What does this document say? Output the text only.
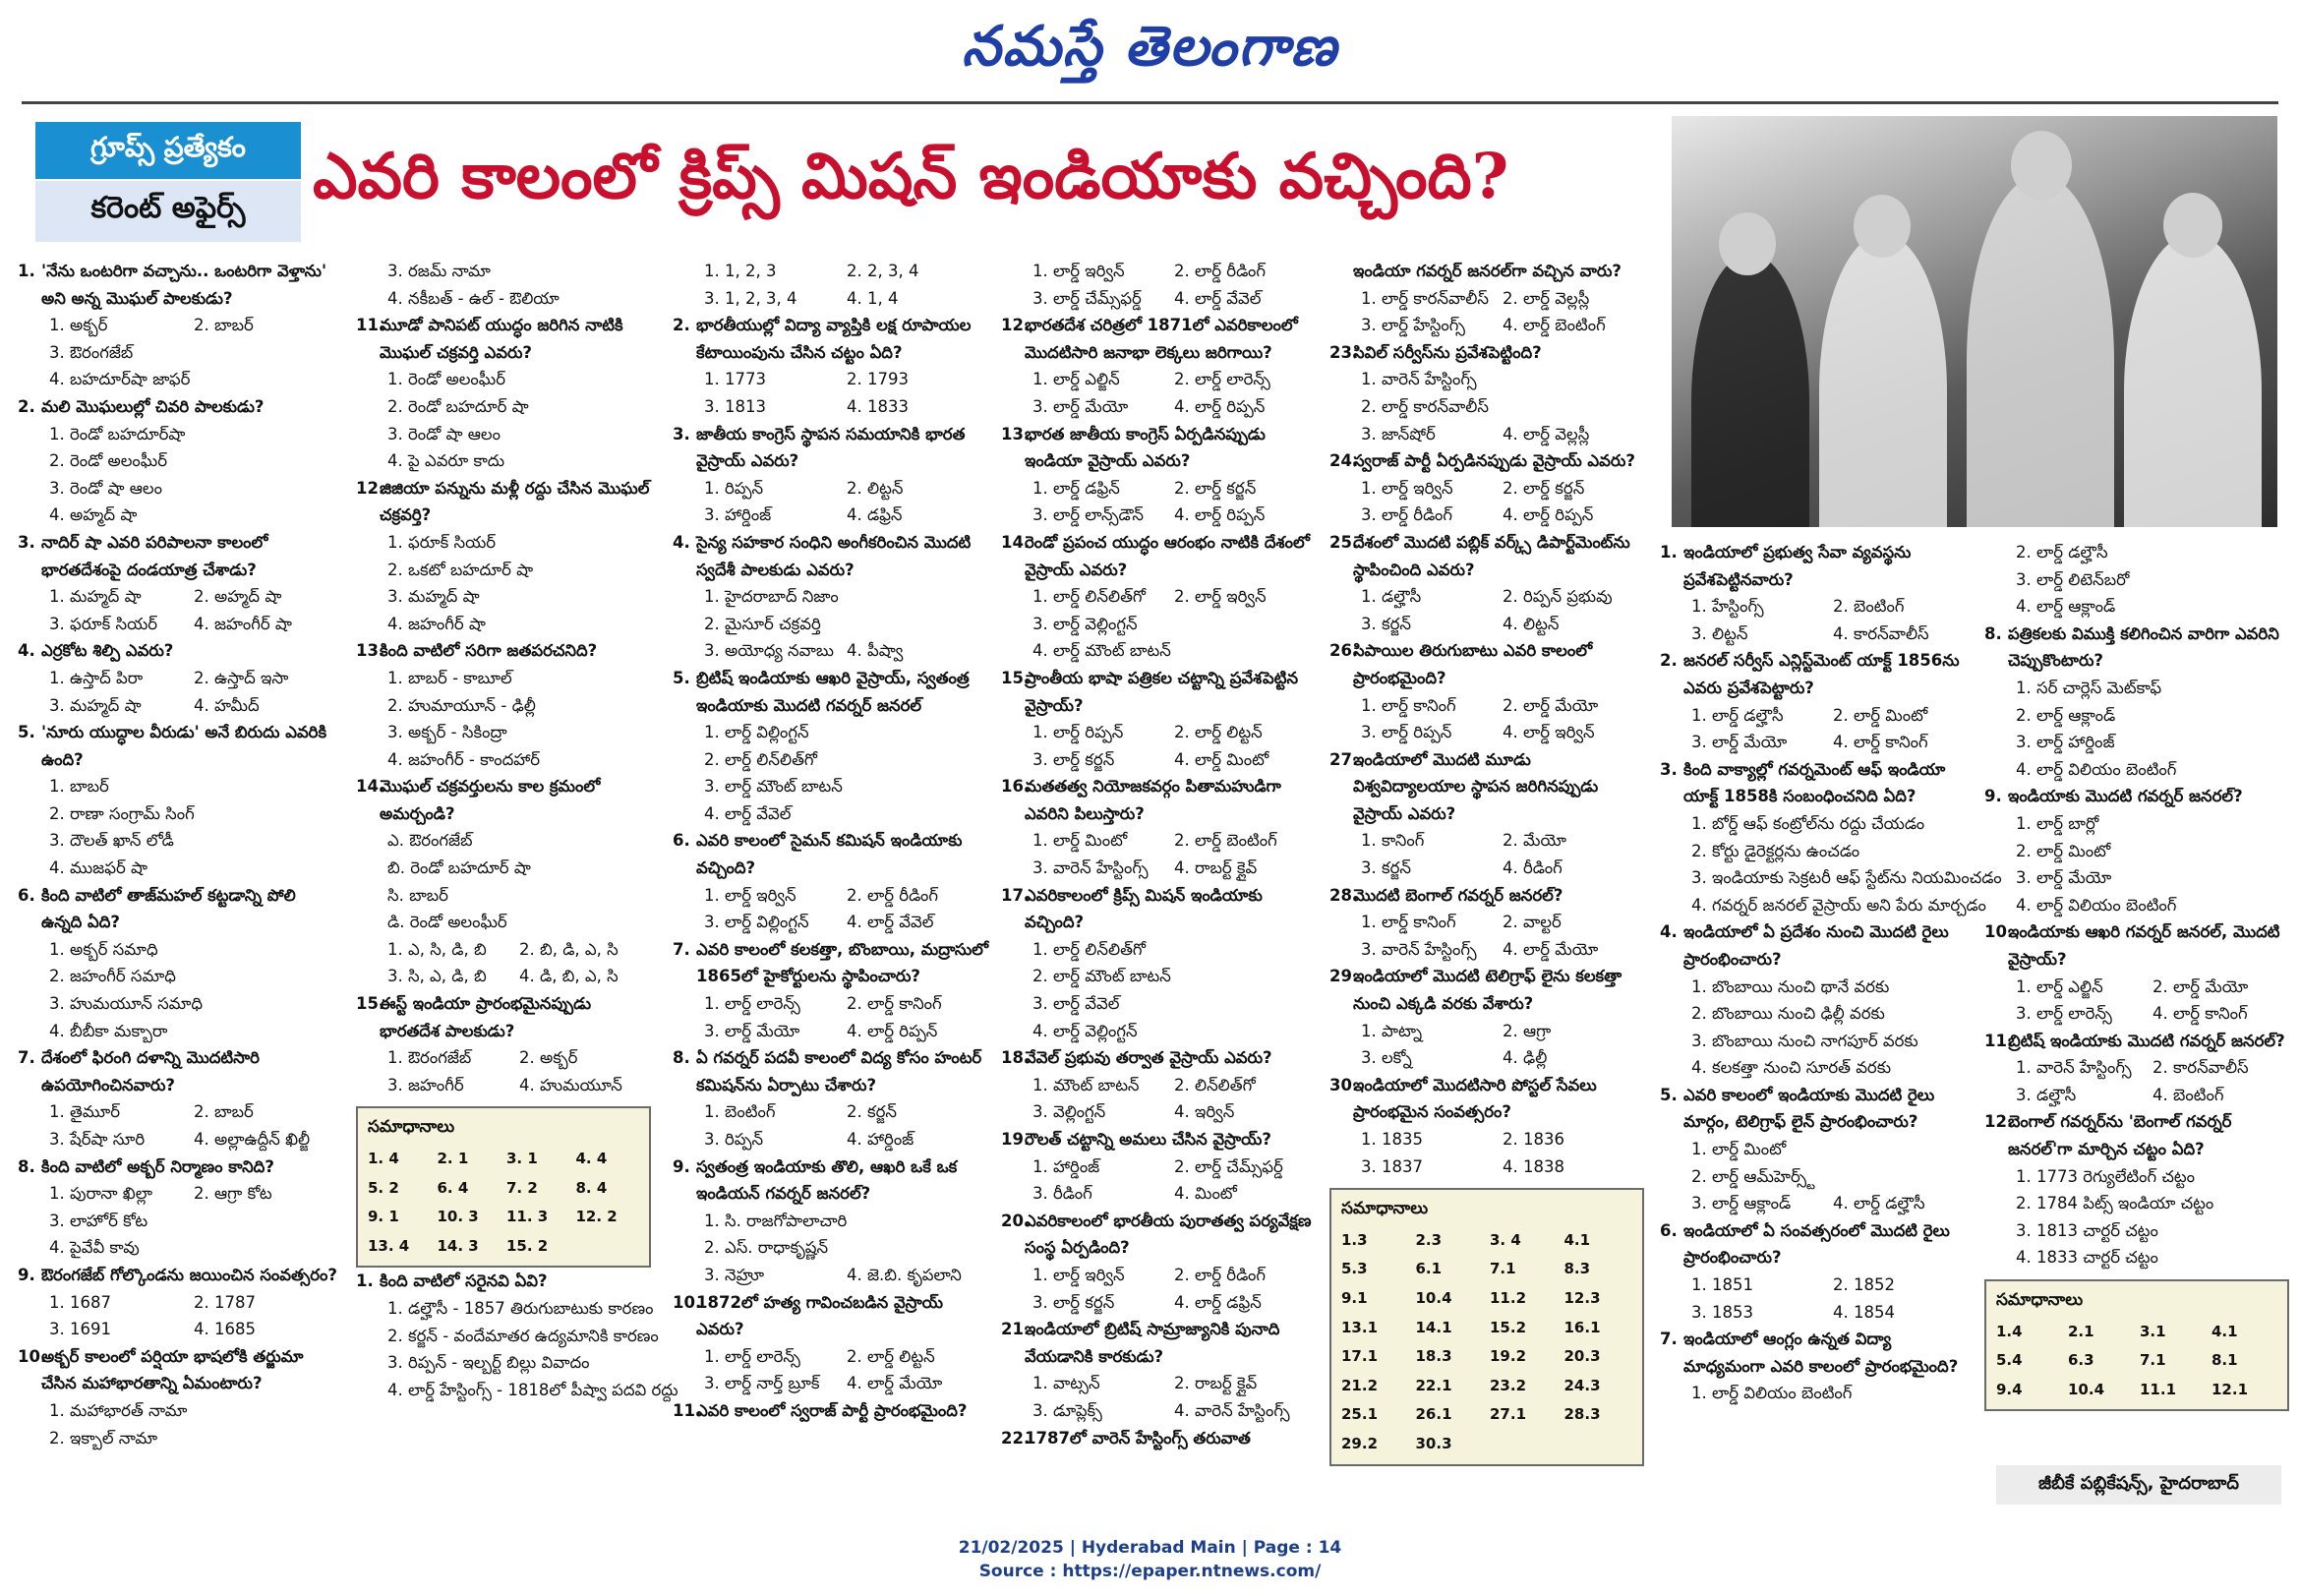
నమస్తే తెలంగాణ
గ్రూప్స్ ప్రత్యేకం
కరెంట్ అఫైర్స్	ఎవరి కాలంలో క్రిప్స్ మిషన్ ఇండియాకు వచ్చింది?
1. 'నేను ఒంటరిగా వచ్చాను.. ఒంటరిగా వెళ్తాను' అని అన్న మొఘల్ పాలకుడు?
1. అక్బర్	2. బాబర్
3. ఔరంగజేబ్
4. బహదూర్‌షా జాఫర్
2. మలి మొఘలుల్లో చివరి పాలకుడు?
1. రెండో బహదూర్‌షా
2. రెండో అలంఘీర్
3. రెండో షా ఆలం
4. అహ్మద్ షా
3. నాదిర్ షా ఎవరి పరిపాలనా కాలంలో భారతదేశంపై దండయాత్ర చేశాడు?
1. మహ్మద్ షా	2. అహ్మద్ షా
3. ఫరూక్ సియర్	4. జహంగీర్ షా
4. ఎర్రకోట శిల్పి ఎవరు?
1. ఉస్తాద్ పిరా	2. ఉస్తాద్ ఇసా
3. మహ్మద్ షా	4. హమీద్
5. 'నూరు యుద్ధాల వీరుడు' అనే బిరుదు ఎవరికి ఉంది?
1. బాబర్
2. రాణా సంగ్రామ్ సింగ్
3. దౌలత్ ఖాన్ లోడీ
4. ముజఫర్ షా
6. కింది వాటిలో తాజ్‌మహల్ కట్టడాన్ని పోలి ఉన్నది ఏది?
1. అక్బర్ సమాధి
2. జహంగీర్ సమాధి
3. హుమయూన్ సమాధి
4. బీబీకా మక్బారా
7. దేశంలో ఫిరంగి దళాన్ని మొదటిసారి ఉపయోగించినవారు?
1. తైమూర్	2. బాబర్
3. షేర్‌షా సూరి	4. అల్లాఉద్దీన్ ఖిల్జీ
8. కింది వాటిలో అక్బర్ నిర్మాణం కానిది?
1. పురానా ఖిల్లా	2. ఆగ్రా కోట
3. లాహోర్ కోట
4. పైవేవీ కావు
9. ఔరంగజేబ్ గోల్కొండను జయించిన సంవత్సరం?
1. 1687	2. 1787
3. 1691	4. 1685
10.
అక్బర్ కాలంలో పర్షియా భాషలోకి తర్జుమా చేసిన మహాభారతాన్ని ఏమంటారు?
1. మహాభారత్ నామా
2. ఇక్బాల్ నామా
3. రజమ్ నామా
4. నకీబత్ - ఉల్ - ఔలియా
11.
మూడో పానిపట్ యుద్ధం జరిగిన నాటికి మొఘల్ చక్రవర్తి ఎవరు?
1. రెండో అలంఘీర్
2. రెండో బహదూర్ షా
3. రెండో షా ఆలం
4. పై ఎవరూ కాదు
12.
జిజియా పన్నును మళ్లీ రద్దు చేసిన మొఘల్ చక్రవర్తి?
1. ఫరూక్ సియర్
2. ఒకటో బహదూర్ షా
3. మహ్మద్ షా
4. జహంగీర్ షా
13.
కింది వాటిలో సరిగా జతపరచనిది?
1. బాబర్ - కాబూల్
2. హుమాయూన్ - ఢిల్లీ
3. అక్బర్ - సికింద్రా
4. జహంగీర్ - కాందహార్
14.
మొఘల్ చక్రవర్తులను కాల క్రమంలో అమర్చండి?
ఎ. ఔరంగజేబ్
బి. రెండో బహదూర్ షా
సి. బాబర్
డి. రెండో అలంఘీర్
1. ఎ, సి, డి, బి	2. బి, డి, ఎ, సి
3. సి, ఎ, డి, బి	4. డి, బి, ఎ, సి
15.
ఈస్ట్ ఇండియా ప్రారంభమైనప్పుడు భారతదేశ పాలకుడు?
1. ఔరంగజేబ్	2. అక్బర్
3. జహంగీర్	4. హుమయూన్
సమాధానాలు
1. 4	2. 1	3. 1	4. 4
5. 2	6. 4	7. 2	8. 4
9. 1	10. 3	11. 3	12. 2
13. 4	14. 3	15. 2
1. కింది వాటిలో సరైనవి ఏవి?
1. డల్హౌసీ - 1857 తిరుగుబాటుకు కారణం
2. కర్జన్ - వందేమాతర ఉద్యమానికి కారణం
3. రిప్పన్ - ఇల్బర్ట్ బిల్లు వివాదం
4. లార్డ్ హేస్టింగ్స్ - 1818లో పీష్వా పదవి రద్దు
1. 1, 2, 3	2. 2, 3, 4
3. 1, 2, 3, 4	4. 1, 4
2. భారతీయుల్లో విద్యా వ్యాప్తికి లక్ష రూపాయల కేటాయింపును చేసిన చట్టం ఏది?
1. 1773	2. 1793
3. 1813	4. 1833
3. జాతీయ కాంగ్రెస్ స్థాపన సమయానికి భారత వైస్రాయ్ ఎవరు?
1. రిప్పన్	2. లిట్టన్
3. హార్డింజ్	4. డఫ్రిన్
4. సైన్య సహకార సంధిని అంగీకరించిన మొదటి స్వదేశీ పాలకుడు ఎవరు?
1. హైదరాబాద్ నిజాం
2. మైసూర్ చక్రవర్తి
3. అయోధ్య నవాబు 4. పీష్వా
5. బ్రిటిష్ ఇండియాకు ఆఖరి వైస్రాయ్, స్వతంత్ర ఇండియాకు మొదటి గవర్నర్ జనరల్
1. లార్డ్ విల్లింగ్టన్
2. లార్డ్ లిన్‌లిత్‌గో
3. లార్డ్ మౌంట్ బాటన్
4. లార్డ్ వేవెల్
6. ఎవరి కాలంలో సైమన్ కమిషన్ ఇండియాకు వచ్చింది?
1. లార్డ్ ఇర్విన్	2. లార్డ్ రీడింగ్
3. లార్డ్ విల్లింగ్టన్	4. లార్డ్ వేవెల్
7. ఎవరి కాలంలో కలకత్తా, బొంబాయి, మద్రాసులో 1865లో హైకోర్టులను స్థాపించారు?
1. లార్డ్ లారెన్స్	2. లార్డ్ కానింగ్
3. లార్డ్ మేయో	4. లార్డ్ రిప్పన్
8. ఏ గవర్నర్ పదవీ కాలంలో విద్య కోసం హంటర్ కమిషన్‌ను ఏర్పాటు చేశారు?
1. బెంటింగ్	2. కర్జన్
3. రిప్పన్	4. హార్డింజ్
9. స్వతంత్ర ఇండియాకు తొలి, ఆఖరి ఒకే ఒక ఇండియన్ గవర్నర్ జనరల్?
1. సి. రాజగోపాలాచారి
2. ఎస్. రాధాకృష్ణన్
3. నెహ్రూ	4. జె.బి. కృపలాని
10.
1872లో హత్య గావించబడిన వైస్రాయ్ ఎవరు?
1. లార్డ్ లారెన్స్	2. లార్డ్ లిట్టన్
3. లార్డ్ నార్త్ బ్రూక్	4. లార్డ్ మేయో
11.
ఎవరి కాలంలో స్వరాజ్ పార్టీ ప్రారంభమైంది?
1. లార్డ్ ఇర్విన్	2. లార్డ్ రీడింగ్
3. లార్డ్ చేమ్స్‌ఫర్డ్	4. లార్డ్ వేవెల్
12.
భారతదేశ చరిత్రలో 1871లో ఎవరికాలంలో మొదటిసారి జనాభా లెక్కలు జరిగాయి?
1. లార్డ్ ఎల్జిన్	2. లార్డ్ లారెన్స్
3. లార్డ్ మేయో	4. లార్డ్ రిప్పన్
13.
భారత జాతీయ కాంగ్రెస్ ఏర్పడినప్పుడు ఇండియా వైస్రాయ్ ఎవరు?
1. లార్డ్ డఫ్రిన్	2. లార్డ్ కర్జన్
3. లార్డ్ లాన్స్‌డౌన్	4. లార్డ్ రిప్పన్
14.
రెండో ప్రపంచ యుద్ధం ఆరంభం నాటికి దేశంలో వైస్రాయ్ ఎవరు?
1. లార్డ్ లిన్‌లిత్‌గో	2. లార్డ్ ఇర్విన్
3. లార్డ్ వెల్లింగ్టన్
4. లార్డ్ మౌంట్ బాటన్
15.
ప్రాంతీయ భాషా పత్రికల చట్టాన్ని ప్రవేశపెట్టిన వైస్రాయ్?
1. లార్డ్ రిప్పన్	2. లార్డ్ లిట్టన్
3. లార్డ్ కర్జన్	4. లార్డ్ మింటో
16.
మతతత్వ నియోజకవర్గం పితామహుడిగా ఎవరిని పిలుస్తారు?
1. లార్డ్ మింటో	2. లార్డ్ బెంటింగ్
3. వారెన్ హేస్టింగ్స్	4. రాబర్ట్ క్లైవ్
17.
ఎవరికాలంలో క్రిప్స్ మిషన్ ఇండియాకు వచ్చింది?
1. లార్డ్ లిన్‌లిత్‌గో
2. లార్డ్ మౌంట్ బాటన్
3. లార్డ్ వేవెల్
4. లార్డ్ వెల్లింగ్టన్
18.
వేవెల్ ప్రభువు తర్వాత వైస్రాయ్ ఎవరు?
1. మౌంట్ బాటన్	2. లిన్‌లిత్‌గో
3. వెల్లింగ్టన్	4. ఇర్విన్
19.
రౌలత్ చట్టాన్ని అమలు చేసిన వైస్రాయ్?
1. హార్డింజ్	2. లార్డ్ చేమ్స్‌ఫర్డ్
3. రీడింగ్	4. మింటో
20.
ఎవరికాలంలో భారతీయ పురాతత్వ పర్యవేక్షణ సంస్థ ఏర్పడింది?
1. లార్డ్ ఇర్విన్	2. లార్డ్ రీడింగ్
3. లార్డ్ కర్జన్	4. లార్డ్ డఫ్రిన్
21.
ఇండియాలో బ్రిటిష్ సామ్రాజ్యానికి పునాది వేయడానికి కారకుడు?
1. వాట్సన్	2. రాబర్ట్ క్లైవ్
3. డూప్లెక్స్	4. వారెన్ హేస్టింగ్స్
22.
1787లో వారెన్ హేస్టింగ్స్ తరువాత
ఇండియా గవర్నర్ జనరల్‌గా వచ్చిన వారు?
1. లార్డ్ కారన్‌వాలీస్ 2. లార్డ్ వెల్లస్లీ
3. లార్డ్ హేస్టింగ్స్	4. లార్డ్ బెంటింగ్
23.
సివిల్ సర్వీస్‌ను ప్రవేశపెట్టింది?
1. వారెన్ హేస్టింగ్స్
2. లార్డ్ కారన్‌వాలీస్
3. జాన్‌షోర్	4. లార్డ్ వెల్లస్లీ
24.
స్వరాజ్ పార్టీ ఏర్పడినప్పుడు వైస్రాయ్ ఎవరు?
1. లార్డ్ ఇర్విన్	2. లార్డ్ కర్జన్
3. లార్డ్ రీడింగ్	4. లార్డ్ రిప్పన్
25.
దేశంలో మొదటి పబ్లిక్ వర్క్స్ డిపార్ట్‌మెంట్‌ను స్థాపించింది ఎవరు?
1. డల్హౌసీ	2. రిప్పన్ ప్రభువు
3. కర్జన్	4. లిట్టన్
26.
సిపాయిల తిరుగుబాటు ఎవరి కాలంలో ప్రారంభమైంది?
1. లార్డ్ కానింగ్	2. లార్డ్ మేయో
3. లార్డ్ రిప్పన్	4. లార్డ్ ఇర్విన్
27.
ఇండియాలో మొదటి మూడు విశ్వవిద్యాలయాల స్థాపన జరిగినప్పుడు వైస్రాయ్ ఎవరు?
1. కానింగ్	2. మేయో
3. కర్జన్	4. రీడింగ్
28.
మొదటి బెంగాల్ గవర్నర్ జనరల్?
1. లార్డ్ కానింగ్	2. వాల్టర్
3. వారెన్ హేస్టింగ్స్	4. లార్డ్ మేయో
29.
ఇండియాలో మొదటి టెలిగ్రాఫ్ లైను కలకత్తా నుంచి ఎక్కడి వరకు వేశారు?
1. పాట్నా	2. ఆగ్రా
3. లక్నో	4. ఢిల్లీ
30.
ఇండియాలో మొదటిసారి పోస్టల్ సేవలు ప్రారంభమైన సంవత్సరం?
1. 1835	2. 1836
3. 1837	4. 1838
సమాధానాలు
1.3	2.3	3. 4	4.1
5.3	6.1	7.1	8.3
9.1	10.4	11.2	12.3
13.1	14.1	15.2	16.1
17.1	18.3	19.2	20.3
21.2	22.1	23.2	24.3
25.1	26.1	27.1	28.3
29.2	30.3
1. ఇండియాలో ప్రభుత్వ సేవా వ్యవస్థను ప్రవేశపెట్టినవారు?
1. హేస్టింగ్స్	2. బెంటింగ్
3. లిట్టన్	4. కారన్‌వాలీస్
2. జనరల్ సర్వీస్ ఎన్లిస్ట్‌మెంట్ యాక్ట్ 1856ను ఎవరు ప్రవేశపెట్టారు?
1. లార్డ్ డల్హౌసీ	2. లార్డ్ మింటో
3. లార్డ్ మేయో	4. లార్డ్ కానింగ్
3. కింది వాక్యాల్లో గవర్నమెంట్ ఆఫ్ ఇండియా యాక్ట్ 1858కి సంబంధించనిది ఏది?
1. బోర్డ్ ఆఫ్ కంట్రోల్‌ను రద్దు చేయడం
2. కోర్టు డైరెక్టర్లను ఉంచడం
3. ఇండియాకు సెక్రటరీ ఆఫ్ స్టేట్‌ను నియమించడం
4. గవర్నర్ జనరల్ వైస్రాయ్ అని పేరు మార్చడం
4. ఇండియాలో ఏ ప్రదేశం నుంచి మొదటి రైలు ప్రారంభించారు?
1. బొంబాయి నుంచి థానే వరకు
2. బొంబాయి నుంచి ఢిల్లీ వరకు
3. బొంబాయి నుంచి నాగపూర్ వరకు
4. కలకత్తా నుంచి సూరత్ వరకు
5. ఎవరి కాలంలో ఇండియాకు మొదటి రైలు మార్గం, టెలిగ్రాఫ్ లైన్ ప్రారంభించారు?
1. లార్డ్ మింటో
2. లార్డ్ ఆమ్‌హెర్స్ట్
3. లార్డ్ ఆక్లాండ్	4. లార్డ్ డల్హౌసీ
6. ఇండియాలో ఏ సంవత్సరంలో మొదటి రైలు ప్రారంభించారు?
1. 1851	2. 1852
3. 1853	4. 1854
7. ఇండియాలో ఆంగ్లం ఉన్నత విద్యా మాధ్యమంగా ఎవరి కాలంలో ప్రారంభమైంది?
1. లార్డ్ విలియం బెంటింగ్
2. లార్డ్ డల్హౌసీ
3. లార్డ్ లిటెన్‌బరో
4. లార్డ్ ఆక్లాండ్
8. పత్రికలకు విముక్తి కలిగించిన వారిగా ఎవరిని చెప్పుకొంటారు?
1. సర్ చార్లెస్ మెట్‌కాఫ్
2. లార్డ్ ఆక్లాండ్
3. లార్డ్ హార్డింజ్
4. లార్డ్ విలియం బెంటింగ్
9. ఇండియాకు మొదటి గవర్నర్ జనరల్?
1. లార్డ్ బార్లో
2. లార్డ్ మింటో
3. లార్డ్ మేయో
4. లార్డ్ విలియం బెంటింగ్
10.
ఇండియాకు ఆఖరి గవర్నర్ జనరల్, మొదటి వైస్రాయ్?
1. లార్డ్ ఎల్జిన్	2. లార్డ్ మేయో
3. లార్డ్ లారెన్స్	4. లార్డ్ కానింగ్
11.
బ్రిటిష్ ఇండియాకు మొదటి గవర్నర్ జనరల్?
1. వారెన్ హేస్టింగ్స్	2. కారన్‌వాలీస్
3. డల్హౌసీ	4. బెంటింగ్
12.
బెంగాల్ గవర్నర్‌ను 'బెంగాల్ గవర్నర్ జనరల్'గా మార్చిన చట్టం ఏది?
1. 1773 రెగ్యులేటింగ్ చట్టం
2. 1784 పిట్స్ ఇండియా చట్టం
3. 1813 చార్టర్ చట్టం
4. 1833 చార్టర్ చట్టం
సమాధానాలు
1.4	2.1	3.1	4.1
5.4	6.3	7.1	8.1
9.4	10.4	11.1	12.1
జీబీకే పబ్లికేషన్స్, హైదరాబాద్
21/02/2025 | Hyderabad Main | Page : 14
Source : https://epaper.ntnews.com/
